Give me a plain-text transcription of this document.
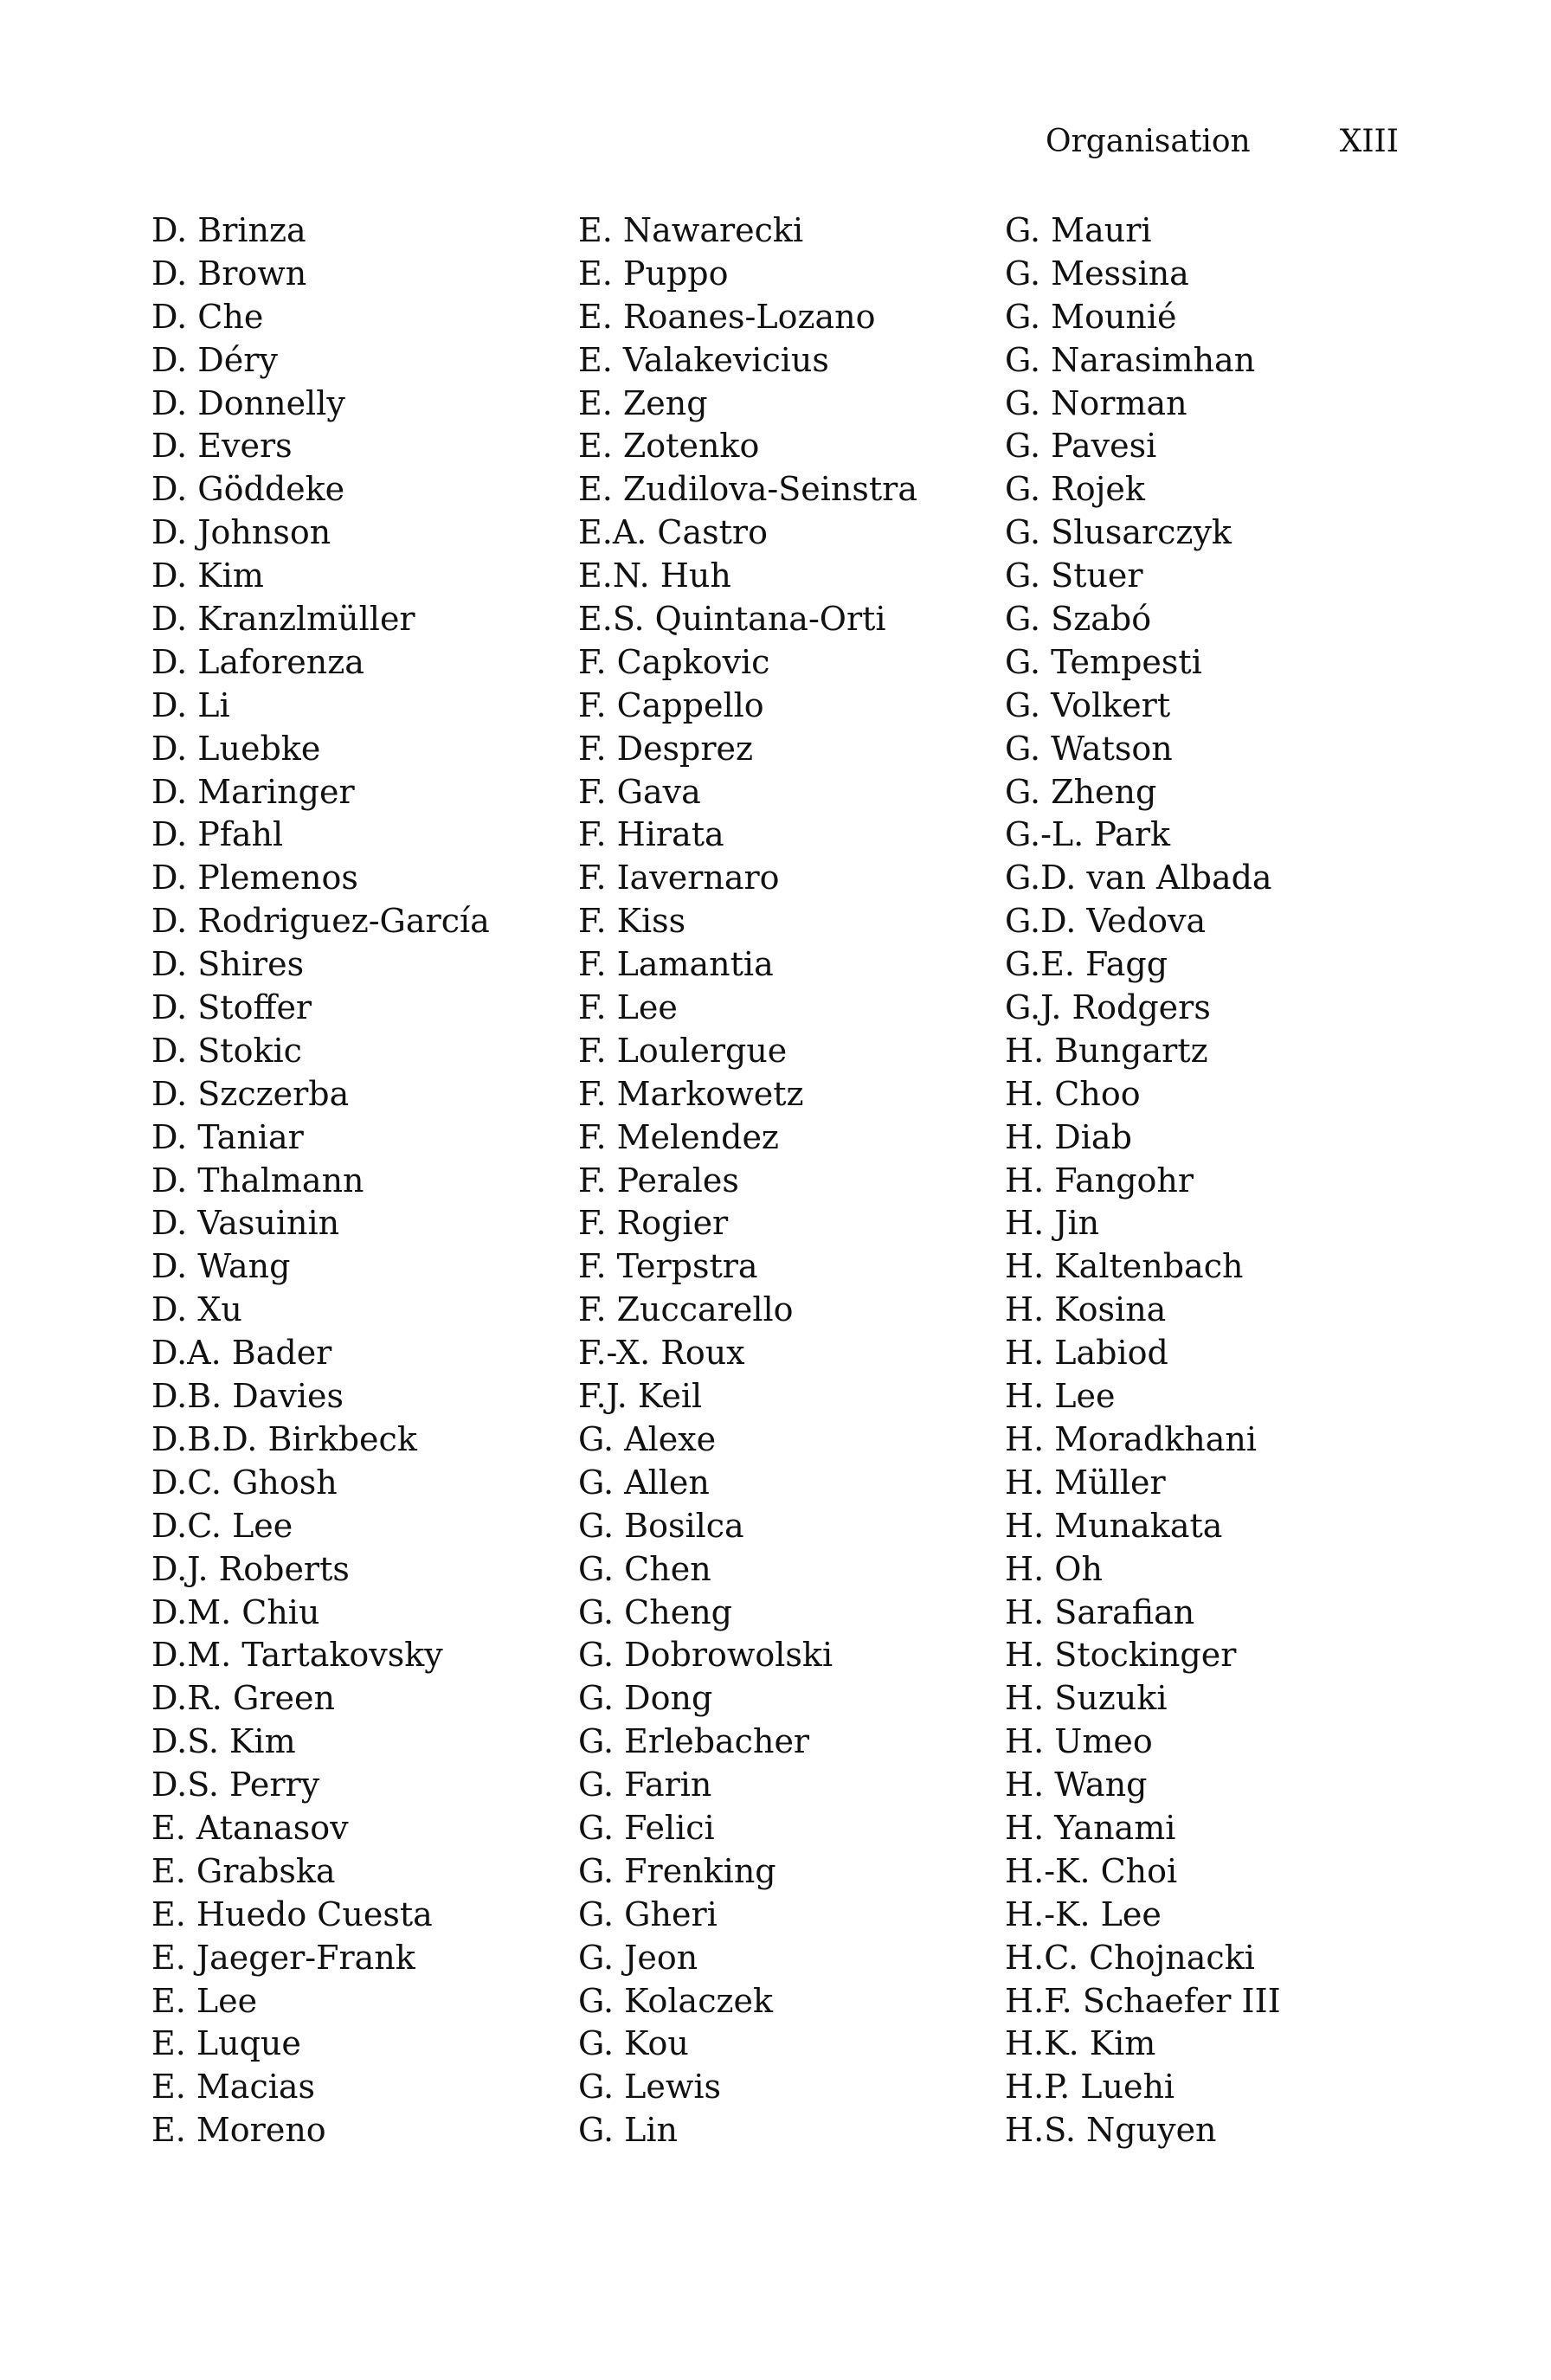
Organisation	XIII
D. Brinza
D. Brown
D. Che
D. Déry
D. Donnelly
D. Evers
D. Göddeke
D. Johnson
D. Kim
D. Kranzlmüller
D. Laforenza
D. Li
D. Luebke
D. Maringer
D. Pfahl
D. Plemenos
D. Rodriguez-García
D. Shires
D. Stoffer
D. Stokic
D. Szczerba
D. Taniar
D. Thalmann
D. Vasuinin
D. Wang
D. Xu
D.A. Bader
D.B. Davies
D.B.D. Birkbeck
D.C. Ghosh
D.C. Lee
D.J. Roberts
D.M. Chiu
D.M. Tartakovsky
D.R. Green
D.S. Kim
D.S. Perry
E. Atanasov
E. Grabska
E. Huedo Cuesta
E. Jaeger-Frank
E. Lee
E. Luque
E. Macias
E. Moreno
E. Nawarecki
E. Puppo
E. Roanes-Lozano
E. Valakevicius
E. Zeng
E. Zotenko
E. Zudilova-Seinstra
E.A. Castro
E.N. Huh
E.S. Quintana-Orti
F. Capkovic
F. Cappello
F. Desprez
F. Gava
F. Hirata
F. Iavernaro
F. Kiss
F. Lamantia
F. Lee
F. Loulergue
F. Markowetz
F. Melendez
F. Perales
F. Rogier
F. Terpstra
F. Zuccarello
F.-X. Roux
F.J. Keil
G. Alexe
G. Allen
G. Bosilca
G. Chen
G. Cheng
G. Dobrowolski
G. Dong
G. Erlebacher
G. Farin
G. Felici
G. Frenking
G. Gheri
G. Jeon
G. Kolaczek
G. Kou
G. Lewis
G. Lin
G. Mauri
G. Messina
G. Mounié
G. Narasimhan
G. Norman
G. Pavesi
G. Rojek
G. Slusarczyk
G. Stuer
G. Szabó
G. Tempesti
G. Volkert
G. Watson
G. Zheng
G.-L. Park
G.D. van Albada
G.D. Vedova
G.E. Fagg
G.J. Rodgers
H. Bungartz
H. Choo
H. Diab
H. Fangohr
H. Jin
H. Kaltenbach
H. Kosina
H. Labiod
H. Lee
H. Moradkhani
H. Müller
H. Munakata
H. Oh
H. Sarafian
H. Stockinger
H. Suzuki
H. Umeo
H. Wang
H. Yanami
H.-K. Choi
H.-K. Lee
H.C. Chojnacki
H.F. Schaefer III
H.K. Kim
H.P. Luehi
H.S. Nguyen
